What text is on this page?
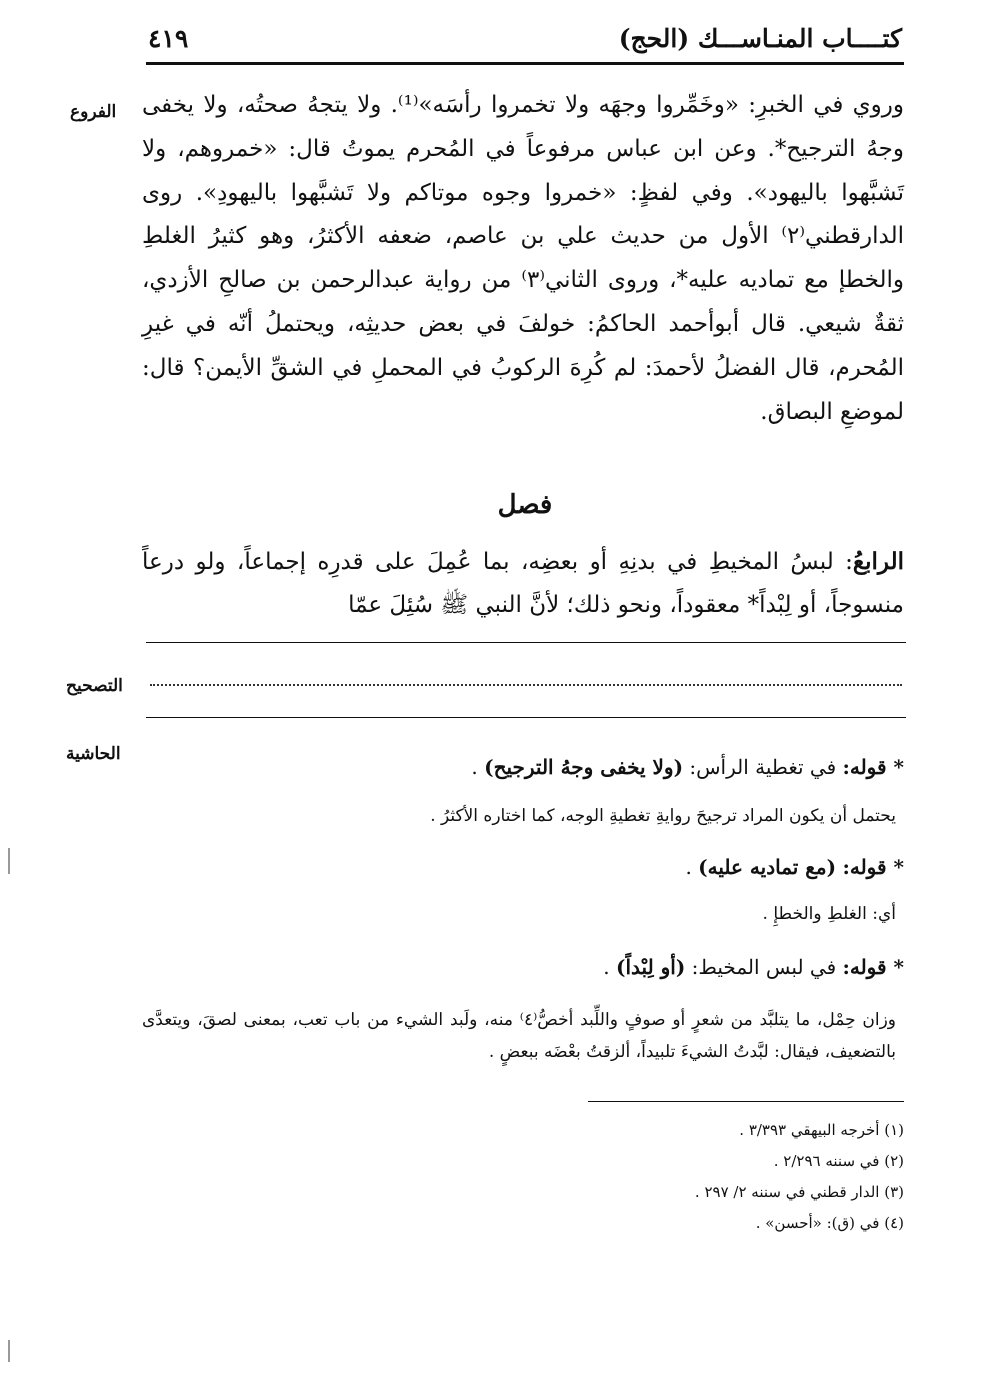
كتــــاب المنـاســـك (الحج)
٤١٩
الفروع وروي في الخبرِ: «وخَمِّروا وجهَه ولا تخمروا رأسَه»⁽¹⁾. ولا يتجهُ صحتُه، ولا يخفى وجهُ الترجيح*. وعن ابن عباس مرفوعاً في المُحرم يموتُ قال: «خمروهم، ولا تَشبَّهوا باليهود». وفي لفظٍ: «خمروا وجوه موتاكم ولا تَشبَّهوا باليهودِ». روى الدارقطني⁽٢⁾ الأول من حديث علي بن عاصم، ضعفه الأكثرُ، وهو كثيرُ الغلطِ والخطإ مع تماديه عليه*، وروى الثاني⁽٣⁾ من رواية عبدالرحمن بن صالحِ الأزدي، ثقةٌ شيعي. قال أبوأحمد الحاكمُ: خولفَ في بعض حديثِه، ويحتملُ أنّه في غيرِ المُحرم، قال الفضلُ لأحمدَ: لم كُرِهَ الركوبُ في المحملِ في الشقِّ الأيمن؟ قال: لموضعِ البصاق.

فصل
الرابعُ: لبسُ المخيطِ في بدنِهِ أو بعضِه، بما عُمِلَ على قدرِه إجماعاً، ولو درعاً منسوجاً، أو لِبْداً* معقوداً، ونحو ذلك؛ لأنَّ النبي ﷺ سُئِلَ عمّا
التصحيح
الحاشية
* قوله: في تغطية الرأس: (ولا يخفى وجهُ الترجيح) .
يحتمل أن يكون المراد ترجيحَ روايةِ تغطيةِ الوجه، كما اختاره الأكثرُ .
* قوله: (مع تماديه عليه) .
أي: الغلطِ والخطإِ .
* قوله: في لبس المخيط: (أو لِبْداً) .
وزان حِمْل، ما يتلبَّد من شعرٍ أو صوفٍ واللِّبد أخصُّ⁽٤⁾ منه، ولَبد الشيء من باب تعب، بمعنى لصقَ، ويتعدَّى بالتضعيف، فيقال: لبَّدتُ الشيءَ تلبيداً، ألزقتُ بعْضَه ببعضٍ .
(١) أخرجه البيهقي ٣/٣٩٣ .
(٢) في سننه ٢/٢٩٦ .
(٣) الدار قطني في سننه ٢/ ٢٩٧ .
(٤) في (ق): «أحسن» .
